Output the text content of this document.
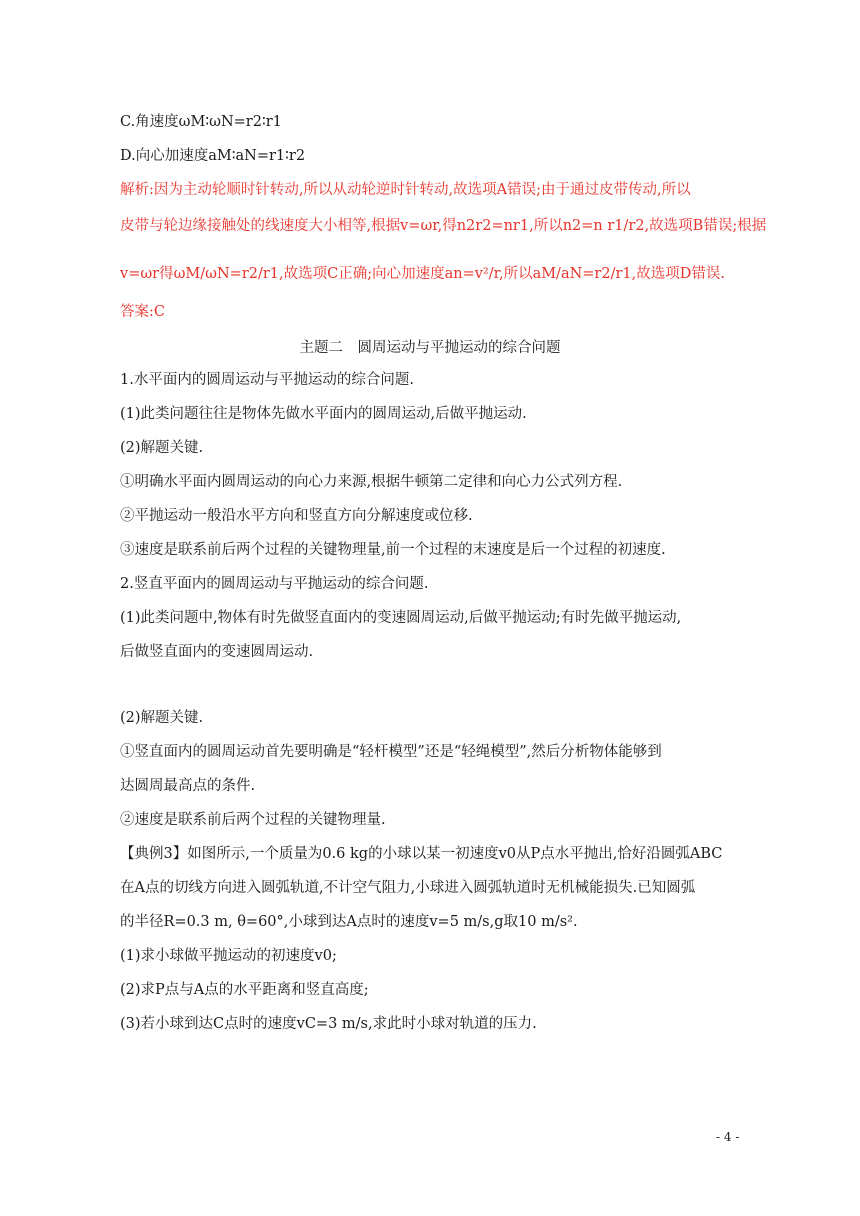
C.角速度ωM∶ωN=r2∶r1
D.向心加速度aM∶aN=r1∶r2
解析:因为主动轮顺时针转动,所以从动轮逆时针转动,故选项A错误;由于通过皮带传动,所以
皮带与轮边缘接触处的线速度大小相等,根据v=ωr,得n2r2=nr1,所以n2=n r1/r2,故选项B错误;根据
v=ωr得ωM/ωN=r2/r1,故选项C正确;向心加速度an=v²/r,所以aM/aN=r2/r1,故选项D错误.
答案:C
主题二　圆周运动与平抛运动的综合问题
1.水平面内的圆周运动与平抛运动的综合问题.
(1)此类问题往往是物体先做水平面内的圆周运动,后做平抛运动.
(2)解题关键.
①明确水平面内圆周运动的向心力来源,根据牛顿第二定律和向心力公式列方程.
②平抛运动一般沿水平方向和竖直方向分解速度或位移.
③速度是联系前后两个过程的关键物理量,前一个过程的末速度是后一个过程的初速度.
2.竖直平面内的圆周运动与平抛运动的综合问题.
(1)此类问题中,物体有时先做竖直面内的变速圆周运动,后做平抛运动;有时先做平抛运动,
后做竖直面内的变速圆周运动.
(2)解题关键.
①竖直面内的圆周运动首先要明确是“轻杆模型”还是“轻绳模型”,然后分析物体能够到
达圆周最高点的条件.
②速度是联系前后两个过程的关键物理量.
【典例3】如图所示,一个质量为0.6 kg的小球以某一初速度v0从P点水平抛出,恰好沿圆弧ABC
在A点的切线方向进入圆弧轨道,不计空气阻力,小球进入圆弧轨道时无机械能损失.已知圆弧
的半径R=0.3 m, θ=60°,小球到达A点时的速度v=5 m/s,g取10 m/s².
(1)求小球做平抛运动的初速度v0;
(2)求P点与A点的水平距离和竖直高度;
(3)若小球到达C点时的速度vC=3 m/s,求此时小球对轨道的压力.
- 4 -
